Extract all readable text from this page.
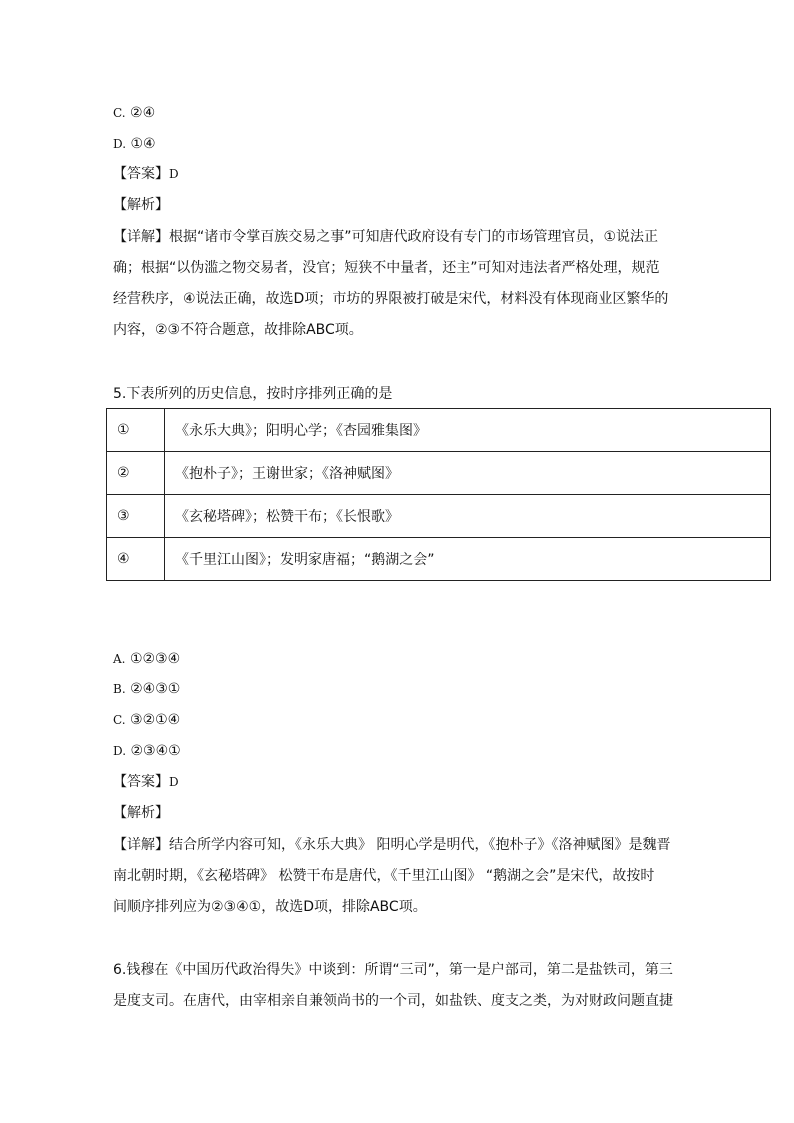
C. ②④
D. ①④
【答案】D
【解析】
【详解】根据“诸市令掌百族交易之事”可知唐代政府设有专门的市场管理官员，①说法正
确；根据“以伪滥之物交易者，没官；短狭不中量者，还主”可知对违法者严格处理，规范
经营秩序，④说法正确，故选D项；市坊的界限被打破是宋代，材料没有体现商业区繁华的
内容，②③不符合题意，故排除ABC项。
5.下表所列的历史信息，按时序排列正确的是
①	《永乐大典》；阳明心学；《杏园雅集图》
②	《抱朴子》；王谢世家；《洛神赋图》
③	《玄秘塔碑》；松赞干布；《长恨歌》
④	《千里江山图》；发明家唐福；“鹅湖之会”
A. ①②③④
B. ②④③①
C. ③②①④
D. ②③④①
【答案】D
【解析】
【详解】结合所学内容可知，《永乐大典》 阳明心学是明代，《抱朴子》《洛神赋图》是魏晋
南北朝时期，《玄秘塔碑》 松赞干布是唐代，《千里江山图》 “鹅湖之会”是宋代，故按时
间顺序排列应为②③④①，故选D项，排除ABC项。
6.钱穆在《中国历代政治得失》中谈到：所谓“三司”，第一是户部司，第二是盐铁司，第三
是度支司。在唐代，由宰相亲自兼领尚书的一个司，如盐铁、度支之类，为对财政问题直捷
